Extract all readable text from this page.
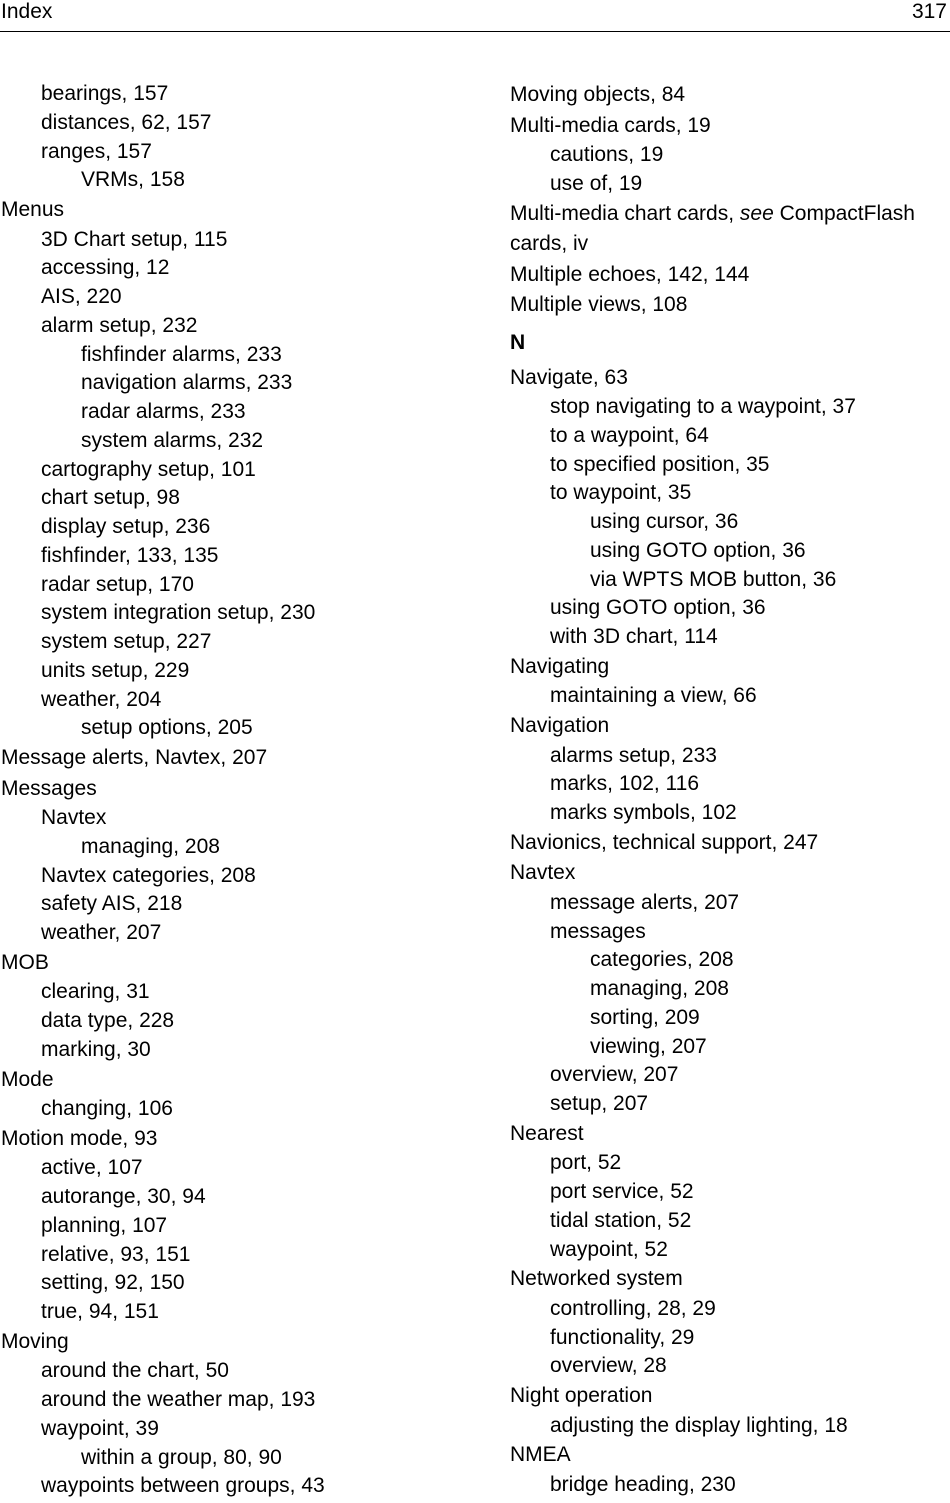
Index	317
bearings, 157
distances, 62, 157
ranges, 157
VRMs, 158
Menus
3D Chart setup, 115
accessing, 12
AIS, 220
alarm setup, 232
fishfinder alarms, 233
navigation alarms, 233
radar alarms, 233
system alarms, 232
cartography setup, 101
chart setup, 98
display setup, 236
fishfinder, 133, 135
radar setup, 170
system integration setup, 230
system setup, 227
units setup, 229
weather, 204
setup options, 205
Message alerts, Navtex, 207
Messages
Navtex
managing, 208
Navtex categories, 208
safety AIS, 218
weather, 207
MOB
clearing, 31
data type, 228
marking, 30
Mode
changing, 106
Motion mode, 93
active, 107
autorange, 30, 94
planning, 107
relative, 93, 151
setting, 92, 150
true, 94, 151
Moving
around the chart, 50
around the weather map, 193
waypoint, 39
within a group, 80, 90
waypoints between groups, 43
Moving objects, 84
Multi-media cards, 19
cautions, 19
use of, 19
Multi-media chart cards, see CompactFlash
cards, iv
Multiple echoes, 142, 144
Multiple views, 108
N
Navigate, 63
stop navigating to a waypoint, 37
to a waypoint, 64
to specified position, 35
to waypoint, 35
using cursor, 36
using GOTO option, 36
via WPTS MOB button, 36
using GOTO option, 36
with 3D chart, 114
Navigating
maintaining a view, 66
Navigation
alarms setup, 233
marks, 102, 116
marks symbols, 102
Navionics, technical support, 247
Navtex
message alerts, 207
messages
categories, 208
managing, 208
sorting, 209
viewing, 207
overview, 207
setup, 207
Nearest
port, 52
port service, 52
tidal station, 52
waypoint, 52
Networked system
controlling, 28, 29
functionality, 29
overview, 28
Night operation
adjusting the display lighting, 18
NMEA
bridge heading, 230
